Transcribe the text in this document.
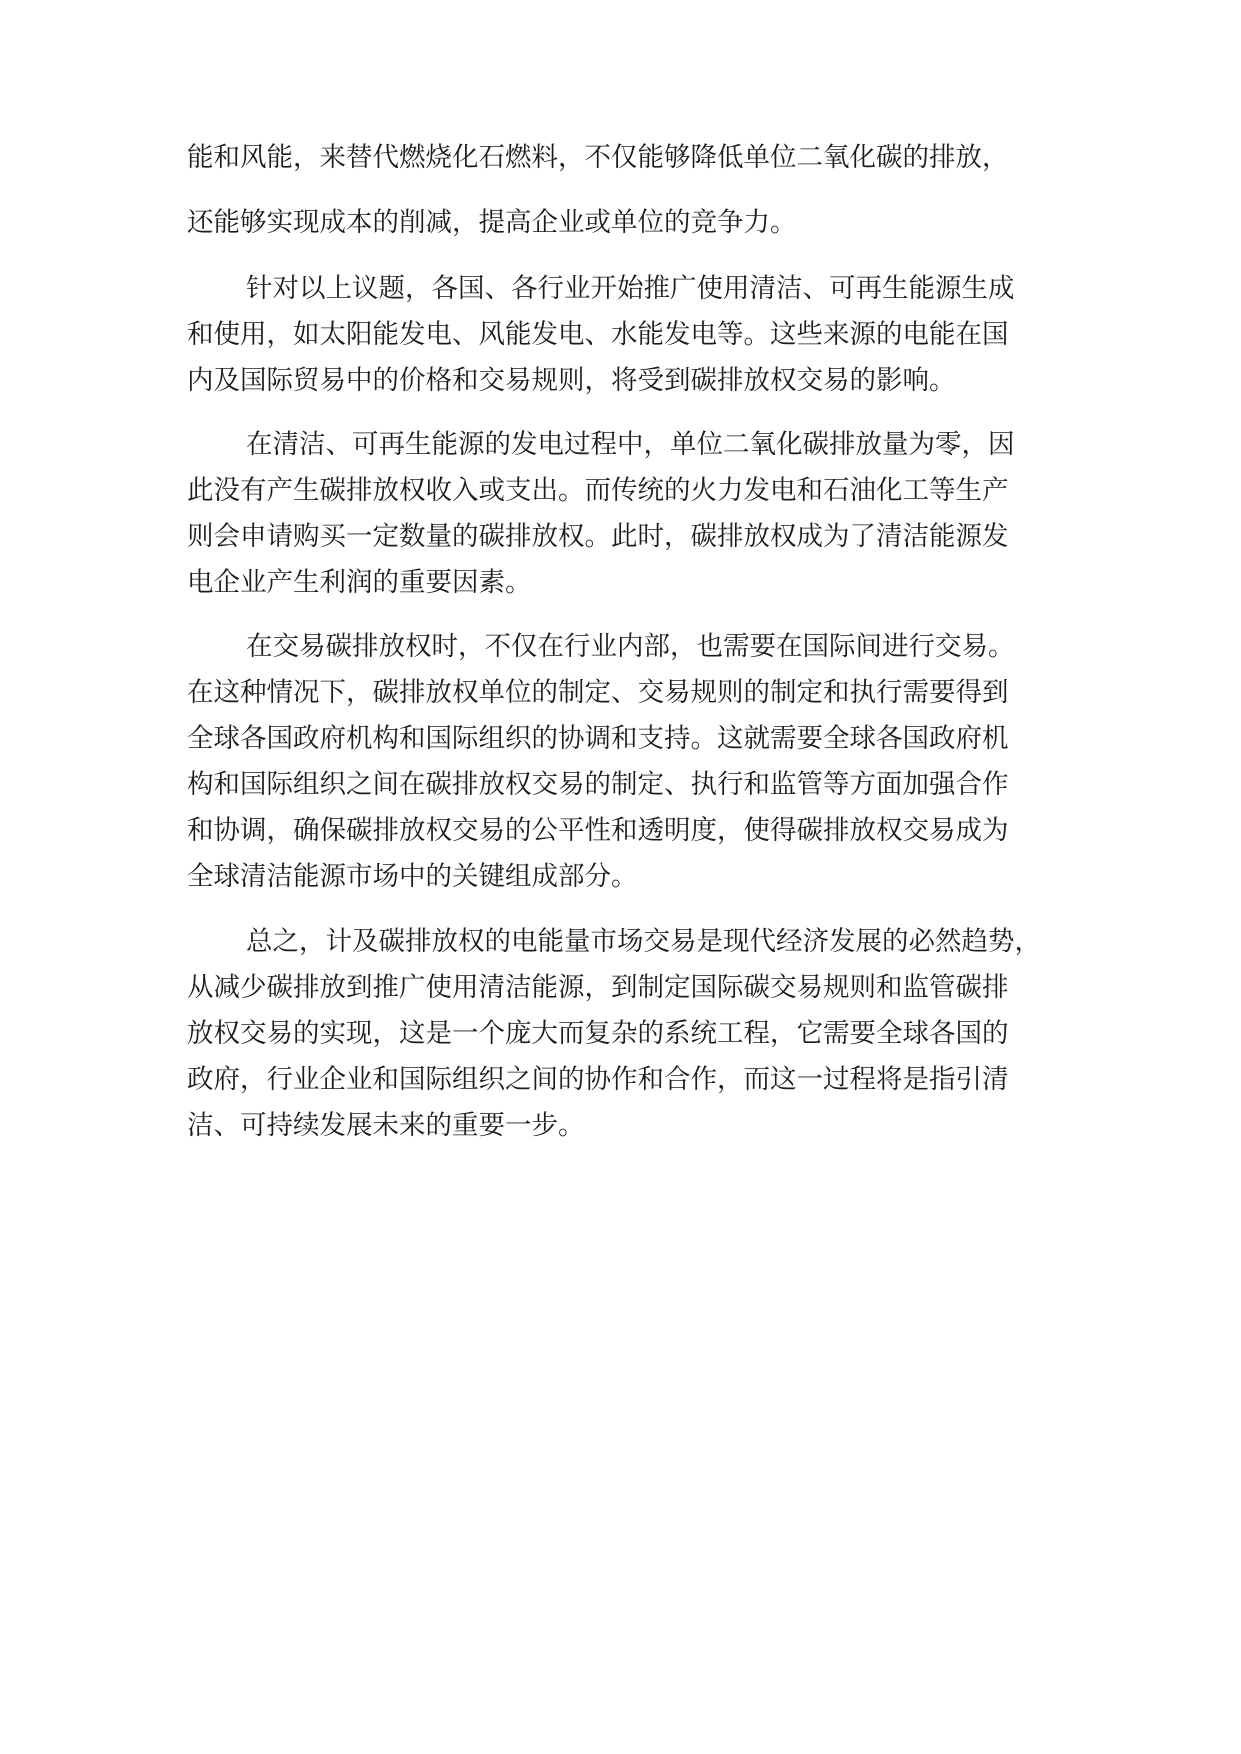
能和风能，来替代燃烧化石燃料，不仅能够降低单位二氧化碳的排放，
还能够实现成本的削减，提高企业或单位的竞争力。
针对以上议题，各国、各行业开始推广使用清洁、可再生能源生成
和使用，如太阳能发电、风能发电、水能发电等。这些来源的电能在国
内及国际贸易中的价格和交易规则，将受到碳排放权交易的影响。
在清洁、可再生能源的发电过程中，单位二氧化碳排放量为零，因
此没有产生碳排放权收入或支出。而传统的火力发电和石油化工等生产
则会申请购买一定数量的碳排放权。此时，碳排放权成为了清洁能源发
电企业产生利润的重要因素。
在交易碳排放权时，不仅在行业内部，也需要在国际间进行交易。
在这种情况下，碳排放权单位的制定、交易规则的制定和执行需要得到
全球各国政府机构和国际组织的协调和支持。这就需要全球各国政府机
构和国际组织之间在碳排放权交易的制定、执行和监管等方面加强合作
和协调，确保碳排放权交易的公平性和透明度，使得碳排放权交易成为
全球清洁能源市场中的关键组成部分。
总之，计及碳排放权的电能量市场交易是现代经济发展的必然趋势，
从减少碳排放到推广使用清洁能源，到制定国际碳交易规则和监管碳排
放权交易的实现，这是一个庞大而复杂的系统工程，它需要全球各国的
政府，行业企业和国际组织之间的协作和合作，而这一过程将是指引清
洁、可持续发展未来的重要一步。
